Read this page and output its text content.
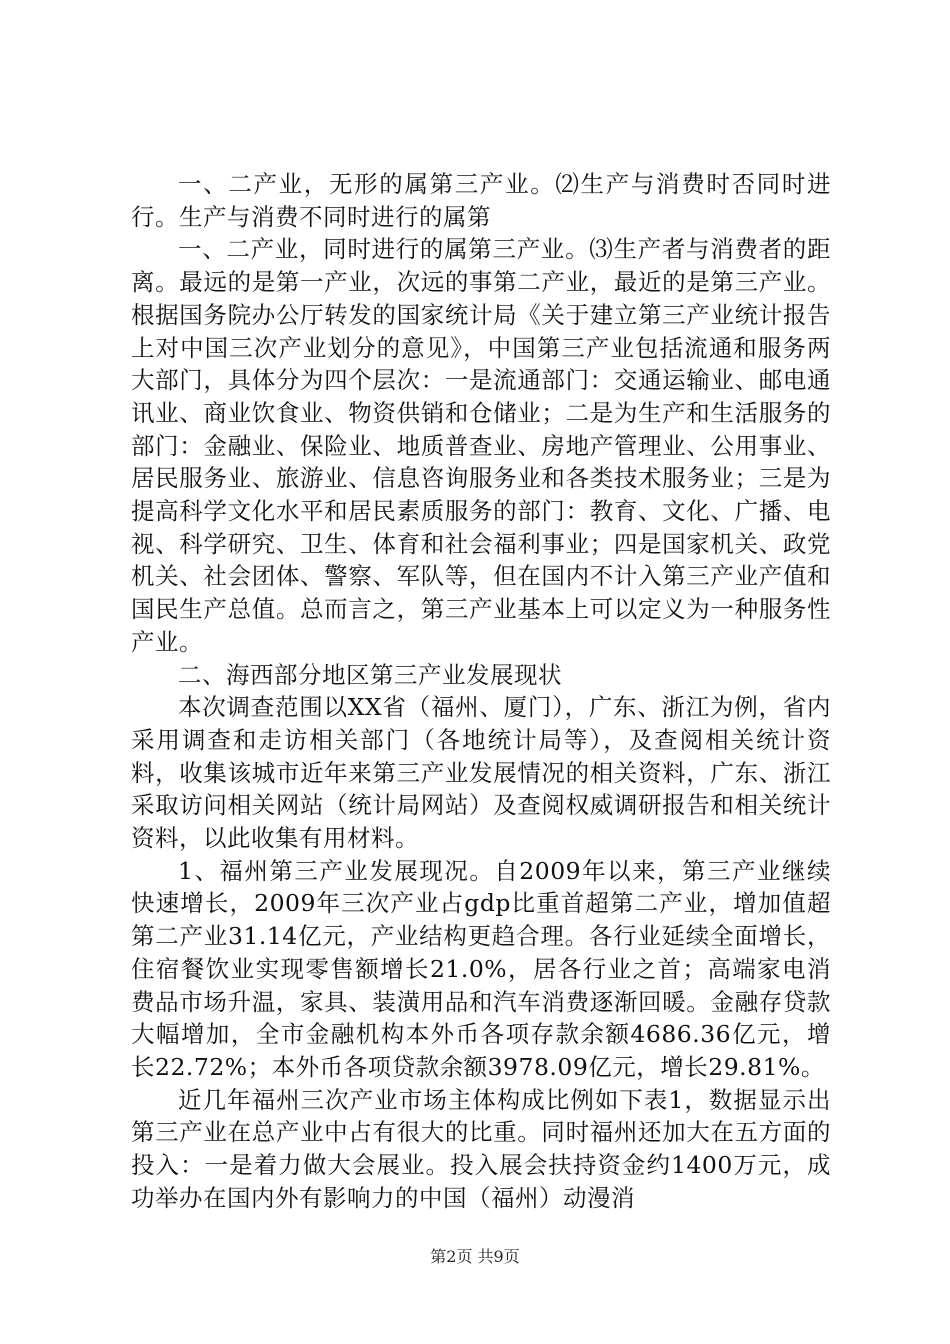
一、二产业，无形的属第三产业。⑵生产与消费时否同时进行。生产与消费不同时进行的属第

一、二产业，同时进行的属第三产业。⑶生产者与消费者的距离。最远的是第一产业，次远的事第二产业，最近的是第三产业。根据国务院办公厅转发的国家统计局《关于建立第三产业统计报告上对中国三次产业划分的意见》，中国第三产业包括流通和服务两大部门，具体分为四个层次：一是流通部门：交通运输业、邮电通讯业、商业饮食业、物资供销和仓储业；二是为生产和生活服务的部门：金融业、保险业、地质普查业、房地产管理业、公用事业、居民服务业、旅游业、信息咨询服务业和各类技术服务业；三是为提高科学文化水平和居民素质服务的部门：教育、文化、广播、电视、科学研究、卫生、体育和社会福利事业；四是国家机关、政党机关、社会团体、警察、军队等，但在国内不计入第三产业产值和国民生产总值。总而言之，第三产业基本上可以定义为一种服务性产业。

二、海西部分地区第三产业发展现状

本次调查范围以XX省（福州、厦门），广东、浙江为例，省内采用调查和走访相关部门（各地统计局等），及查阅相关统计资料，收集该城市近年来第三产业发展情况的相关资料，广东、浙江采取访问相关网站（统计局网站）及查阅权威调研报告和相关统计资料，以此收集有用材料。

1、福州第三产业发展现况。自2009年以来，第三产业继续快速增长，2009年三次产业占gdp比重首超第二产业，增加值超第二产业31.14亿元，产业结构更趋合理。各行业延续全面增长，住宿餐饮业实现零售额增长21.0%，居各行业之首；高端家电消费品市场升温，家具、装潢用品和汽车消费逐渐回暖。金融存贷款大幅增加，全市金融机构本外币各项存款余额4686.36亿元，增长22.72%；本外币各项贷款余额3978.09亿元，增长29.81%。

近几年福州三次产业市场主体构成比例如下表1，数据显示出第三产业在总产业中占有很大的比重。同时福州还加大在五方面的投入：一是着力做大会展业。投入展会扶持资金约1400万元，成功举办在国内外有影响力的中国（福州）动漫消

第2页 共9页
